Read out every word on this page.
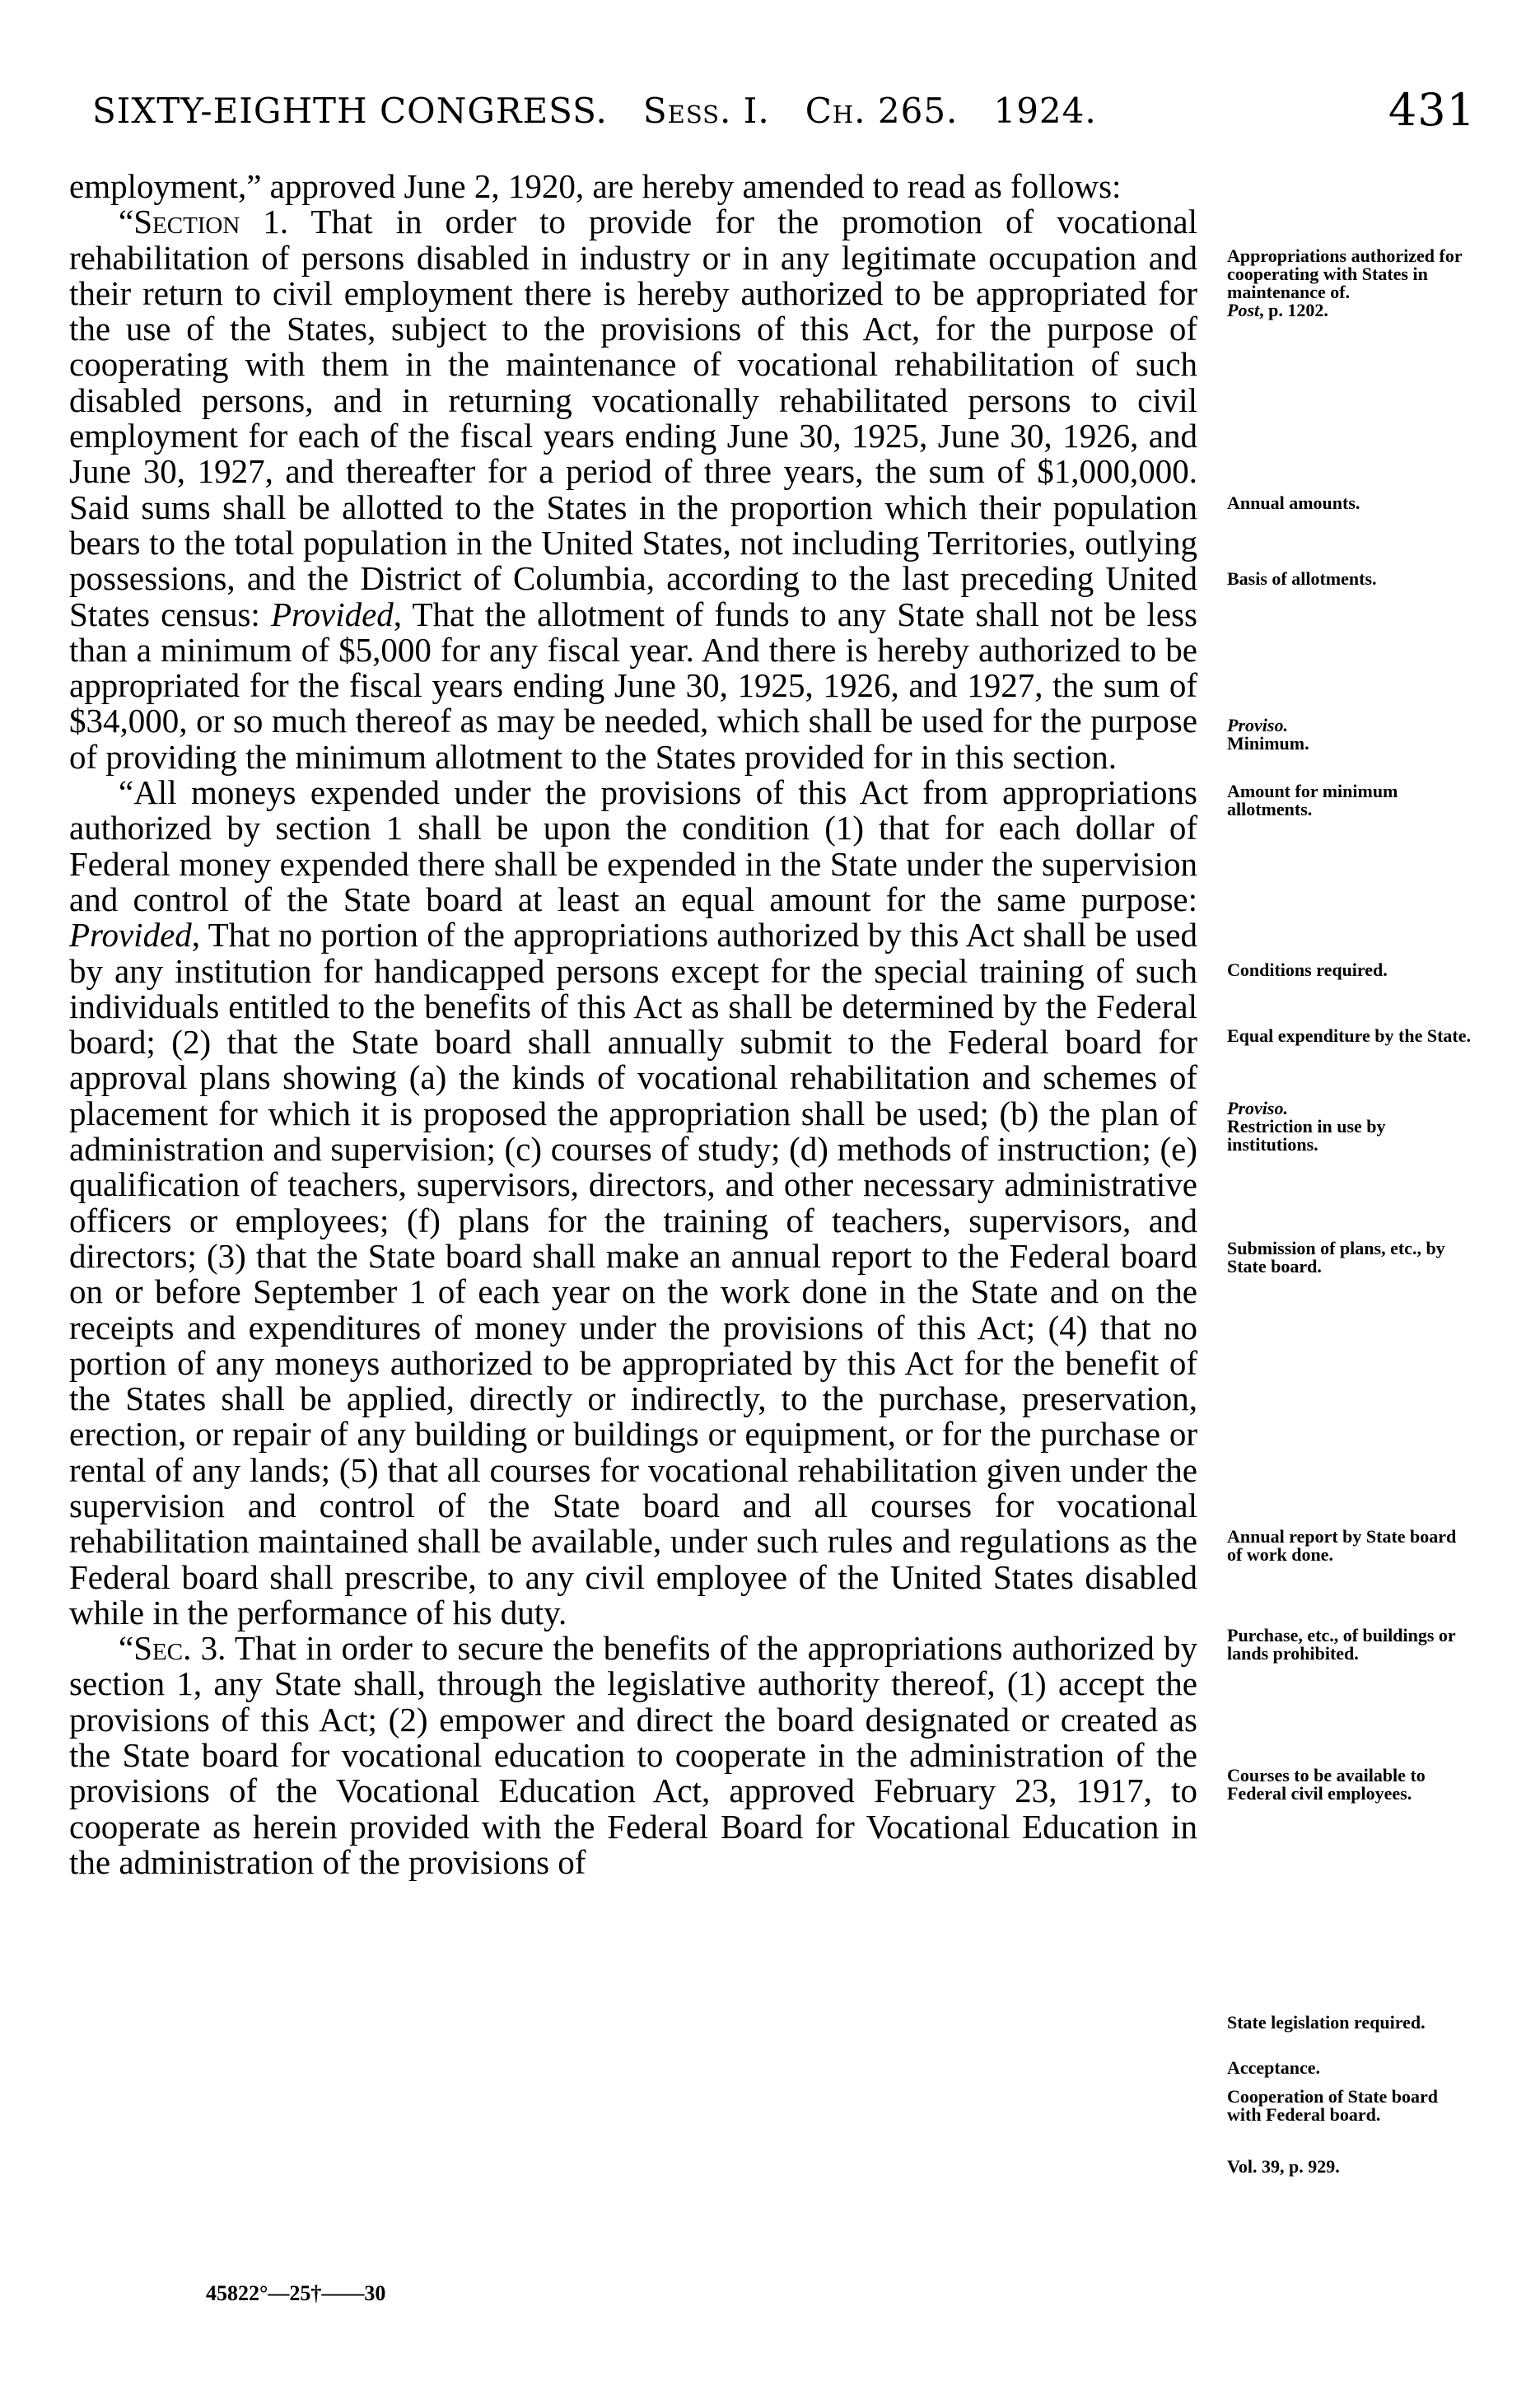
SIXTY-EIGHTH CONGRESS. Sess. I. Ch. 265. 1924.	431

employment,” approved June 2, 1920, are hereby amended to read as follows:

“Section 1. That in order to provide for the promotion of vocational rehabilitation of persons disabled in industry or in any legitimate occupation and their return to civil employment there is hereby authorized to be appropriated for the use of the States, subject to the provisions of this Act, for the purpose of cooperating with them in the maintenance of vocational rehabilitation of such disabled persons, and in returning vocationally rehabilitated persons to civil employment for each of the fiscal years ending June 30, 1925, June 30, 1926, and June 30, 1927, and thereafter for a period of three years, the sum of $1,000,000. Said sums shall be allotted to the States in the proportion which their population bears to the total population in the United States, not including Territories, outlying possessions, and the District of Columbia, according to the last preceding United States census: Provided, That the allotment of funds to any State shall not be less than a minimum of $5,000 for any fiscal year. And there is hereby authorized to be appropriated for the fiscal years ending June 30, 1925, 1926, and 1927, the sum of $34,000, or so much thereof as may be needed, which shall be used for the purpose of providing the minimum allotment to the States provided for in this section.

“All moneys expended under the provisions of this Act from appropriations authorized by section 1 shall be upon the condition (1) that for each dollar of Federal money expended there shall be expended in the State under the supervision and control of the State board at least an equal amount for the same purpose: Provided, That no portion of the appropriations authorized by this Act shall be used by any institution for handicapped persons except for the special training of such individuals entitled to the benefits of this Act as shall be determined by the Federal board; (2) that the State board shall annually submit to the Federal board for approval plans showing (a) the kinds of vocational rehabilitation and schemes of placement for which it is proposed the appropriation shall be used; (b) the plan of administration and supervision; (c) courses of study; (d) methods of instruction; (e) qualification of teachers, supervisors, directors, and other necessary administrative officers or employees; (f) plans for the training of teachers, supervisors, and directors; (3) that the State board shall make an annual report to the Federal board on or before September 1 of each year on the work done in the State and on the receipts and expenditures of money under the provisions of this Act; (4) that no portion of any moneys authorized to be appropriated by this Act for the benefit of the States shall be applied, directly or indirectly, to the purchase, preservation, erection, or repair of any building or buildings or equipment, or for the purchase or rental of any lands; (5) that all courses for vocational rehabilitation given under the supervision and control of the State board and all courses for vocational rehabilitation maintained shall be available, under such rules and regulations as the Federal board shall prescribe, to any civil employee of the United States disabled while in the performance of his duty.

“Sec. 3. That in order to secure the benefits of the appropriations authorized by section 1, any State shall, through the legislative authority thereof, (1) accept the provisions of this Act; (2) empower and direct the board designated or created as the State board for vocational education to cooperate in the administration of the provisions of the Vocational Education Act, approved February 23, 1917, to cooperate as herein provided with the Federal Board for Vocational Education in the administration of the provisions of

Appropriations authorized for cooperating with States in maintenance of.
Post, p. 1202.
Annual amounts.
Basis of allotments.
Proviso.
Minimum.
Amount for minimum allotments.
Conditions required.
Equal expenditure by the State.
Proviso.
Restriction in use by institutions.
Submission of plans, etc., by State board.
Annual report by State board of work done.
Purchase, etc., of buildings or lands prohibited.
Courses to be available to Federal civil employees.
State legislation required.
Acceptance.
Cooperation of State board with Federal board.
Vol. 39, p. 929.
45822°—25†——30
